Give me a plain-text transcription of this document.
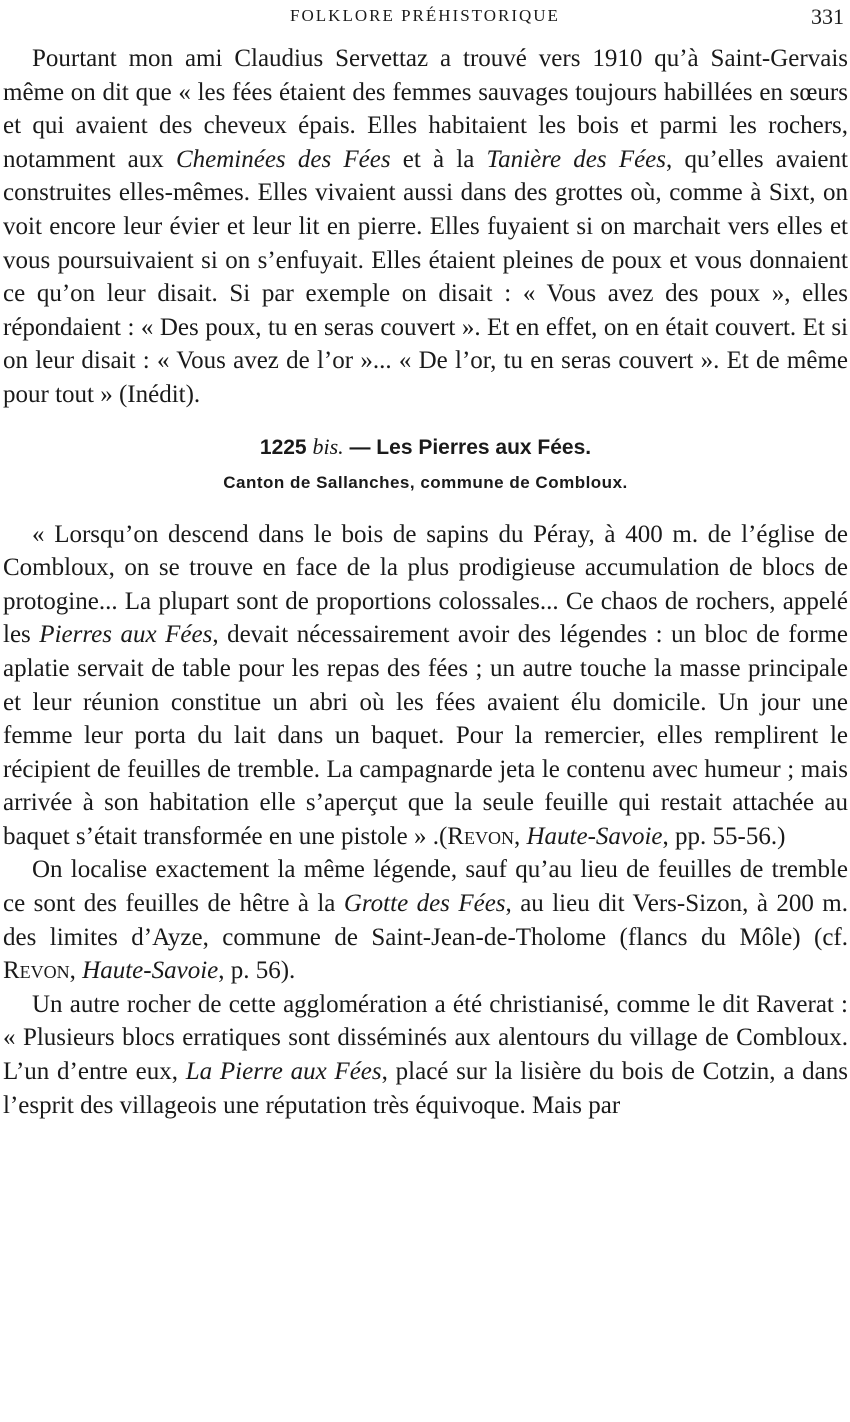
FOLKLORE PRÉHISTORIQUE	331

Pourtant mon ami Claudius Servettaz a trouvé vers 1910 qu’à Saint-Gervais même on dit que « les fées étaient des femmes sauvages toujours habillées en sœurs et qui avaient des cheveux épais. Elles habitaient les bois et parmi les rochers, notamment aux Cheminées des Fées et à la Tanière des Fées, qu’elles avaient construites elles-mêmes. Elles vivaient aussi dans des grottes où, comme à Sixt, on voit encore leur évier et leur lit en pierre. Elles fuyaient si on marchait vers elles et vous poursuivaient si on s’enfuyait. Elles étaient pleines de poux et vous donnaient ce qu’on leur disait. Si par exemple on disait : « Vous avez des poux », elles répondaient : « Des poux, tu en seras couvert ». Et en effet, on en était couvert. Et si on leur disait : « Vous avez de l’or »... « De l’or, tu en seras couvert ». Et de même pour tout » (Inédit).

1225 bis. — Les Pierres aux Fées.
Canton de Sallanches, commune de Combloux.

« Lorsqu’on descend dans le bois de sapins du Péray, à 400 m. de l’église de Combloux, on se trouve en face de la plus prodigieuse accumulation de blocs de protogine... La plupart sont de proportions colossales... Ce chaos de rochers, appelé les Pierres aux Fées, devait nécessairement avoir des légendes : un bloc de forme aplatie servait de table pour les repas des fées ; un autre touche la masse principale et leur réunion constitue un abri où les fées avaient élu domicile. Un jour une femme leur porta du lait dans un baquet. Pour la remercier, elles remplirent le récipient de feuilles de tremble. La campagnarde jeta le contenu avec humeur ; mais arrivée à son habitation elle s’aperçut que la seule feuille qui restait attachée au baquet s’était transformée en une pistole » .(Revon, Haute-Savoie, pp. 55-56.)

On localise exactement la même légende, sauf qu’au lieu de feuilles de tremble ce sont des feuilles de hêtre à la Grotte des Fées, au lieu dit Vers-Sizon, à 200 m. des limites d’Ayze, commune de Saint-Jean-de-Tholome (flancs du Môle) (cf. Revon, Haute-Savoie, p. 56).

Un autre rocher de cette agglomération a été christianisé, comme le dit Raverat : « Plusieurs blocs erratiques sont disséminés aux alentours du village de Combloux. L’un d’entre eux, La Pierre aux Fées, placé sur la lisière du bois de Cotzin, a dans l’esprit des villageois une réputation très équivoque. Mais par
